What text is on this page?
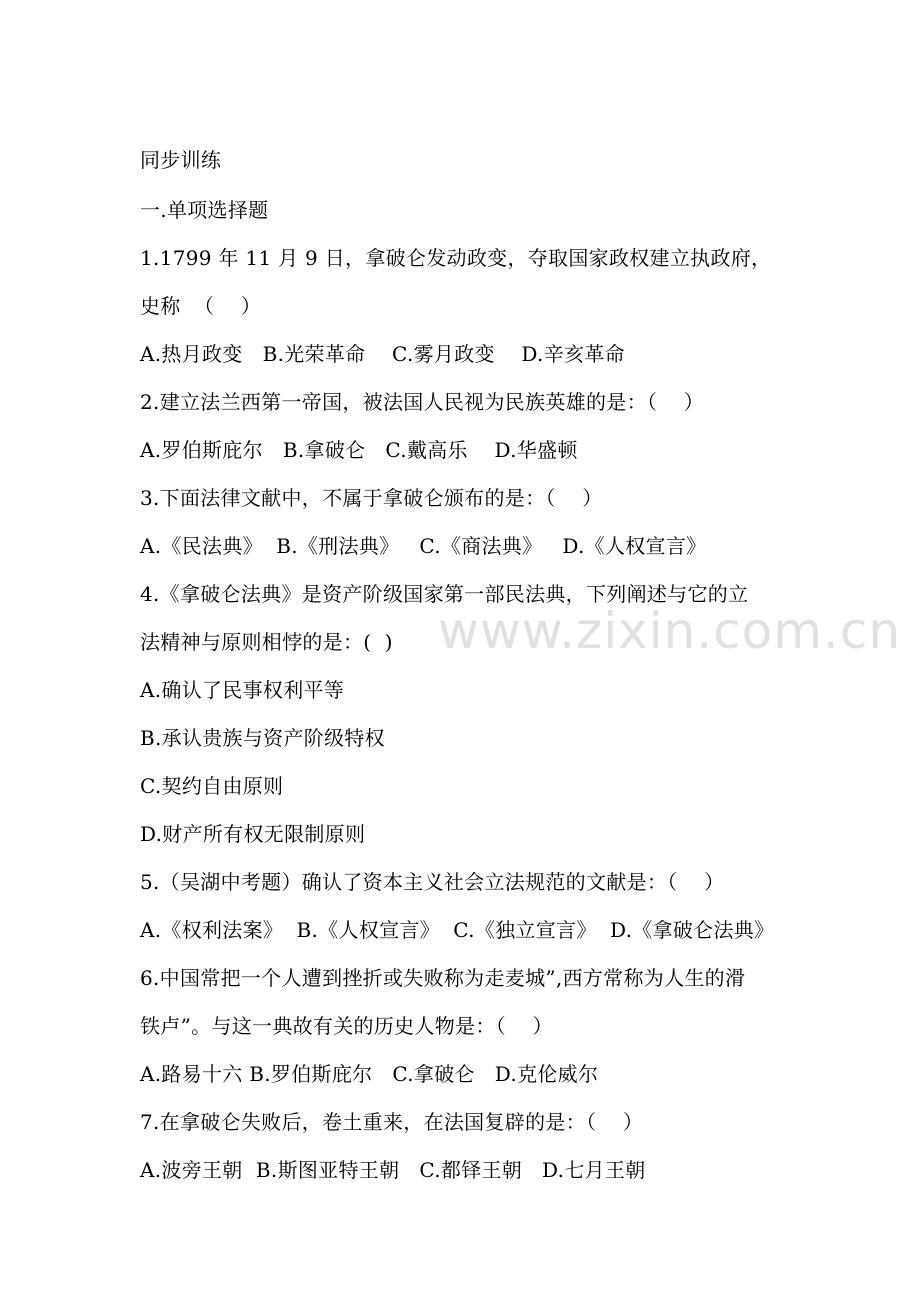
www.zixin.com.cn
同步训练
一.单项选择题
1.1799 年 11 月 9 日，拿破仑发动政变，夺取国家政权建立执政府，
史称  （    ）
A.热月政变   B.光荣革命    C.雾月政变    D.辛亥革命
2.建立法兰西第一帝国，被法国人民视为民族英雄的是：（    ）
A.罗伯斯庇尔   B.拿破仑   C.戴高乐    D.华盛顿
3.下面法律文献中，不属于拿破仑颁布的是：（    ）
A.《民法典》  B.《刑法典》   C.《商法典》   D.《人权宣言》
4.《拿破仑法典》是资产阶级国家第一部民法典，下列阐述与它的立
法精神与原则相悖的是：(  )
A.确认了民事权利平等
B.承认贵族与资产阶级特权
C.契约自由原则
D.财产所有权无限制原则
5.（吴湖中考题）确认了资本主义社会立法规范的文献是：（    ）
A.《权利法案》  B.《人权宣言》  C.《独立宣言》  D.《拿破仑法典》
6.中国常把一个人遭到挫折或失败称为走麦城”,西方常称为人生的滑
铁卢”。与这一典故有关的历史人物是：（    ）
A.路易十六 B.罗伯斯庇尔   C.拿破仑   D.克伦威尔
7.在拿破仑失败后，卷土重来，在法国复辟的是：（    ）
A.波旁王朝  B.斯图亚特王朝   C.都铎王朝   D.七月王朝
